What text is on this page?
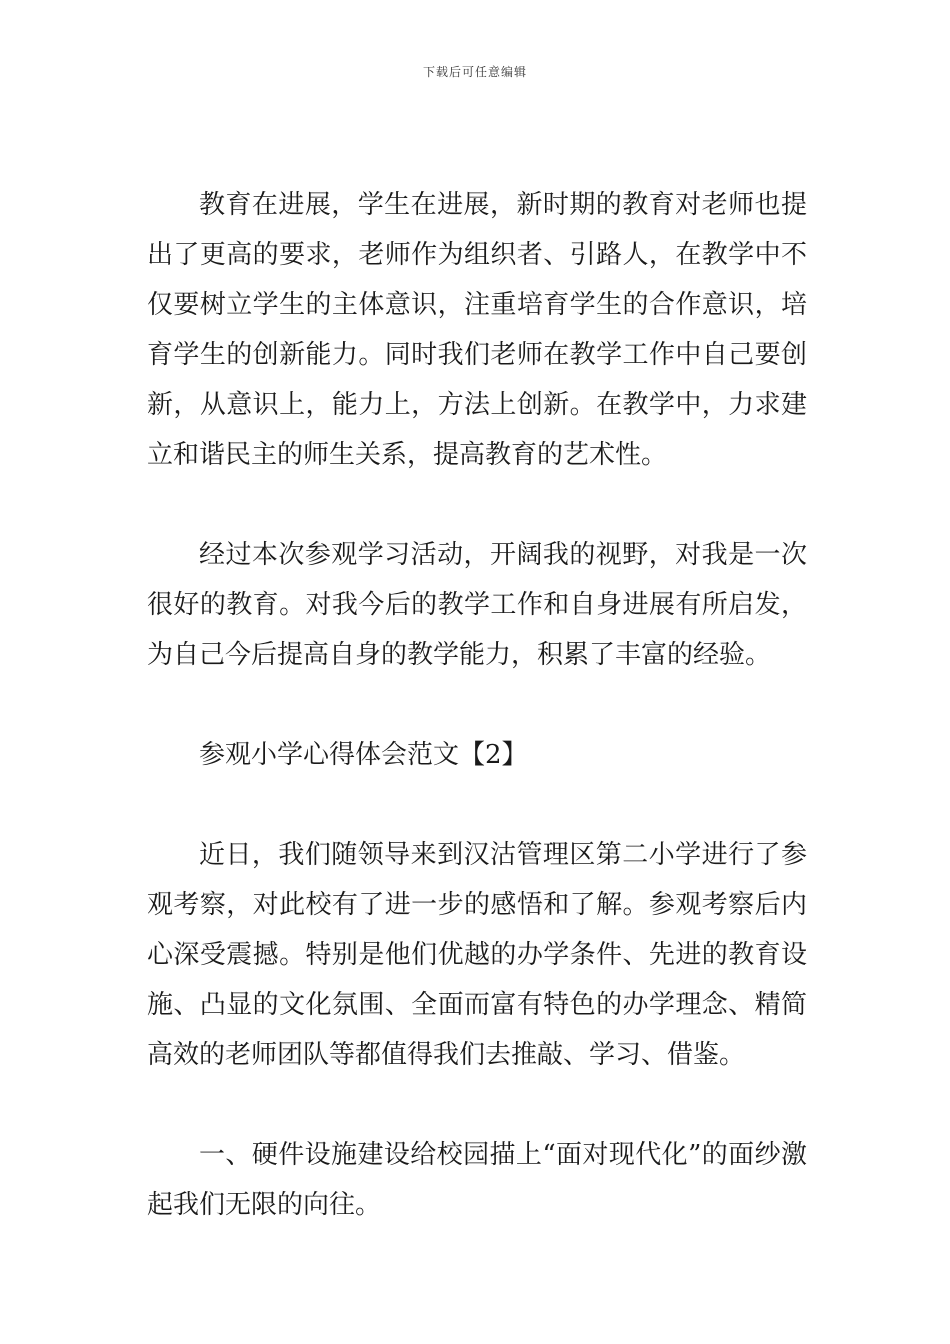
下载后可任意编辑

教育在进展，学生在进展，新时期的教育对老师也提出了更高的要求，老师作为组织者、引路人，在教学中不仅要树立学生的主体意识，注重培育学生的合作意识，培育学生的创新能力。同时我们老师在教学工作中自己要创新，从意识上，能力上，方法上创新。在教学中，力求建立和谐民主的师生关系，提高教育的艺术性。

经过本次参观学习活动，开阔我的视野，对我是一次很好的教育。对我今后的教学工作和自身进展有所启发，为自己今后提高自身的教学能力，积累了丰富的经验。

参观小学心得体会范文【2】

近日，我们随领导来到汉沽管理区第二小学进行了参观考察，对此校有了进一步的感悟和了解。参观考察后内心深受震撼。特别是他们优越的办学条件、先进的教育设施、凸显的文化氛围、全面而富有特色的办学理念、精简高效的老师团队等都值得我们去推敲、学习、借鉴。

一、硬件设施建设给校园描上“面对现代化”的面纱激起我们无限的向往。
